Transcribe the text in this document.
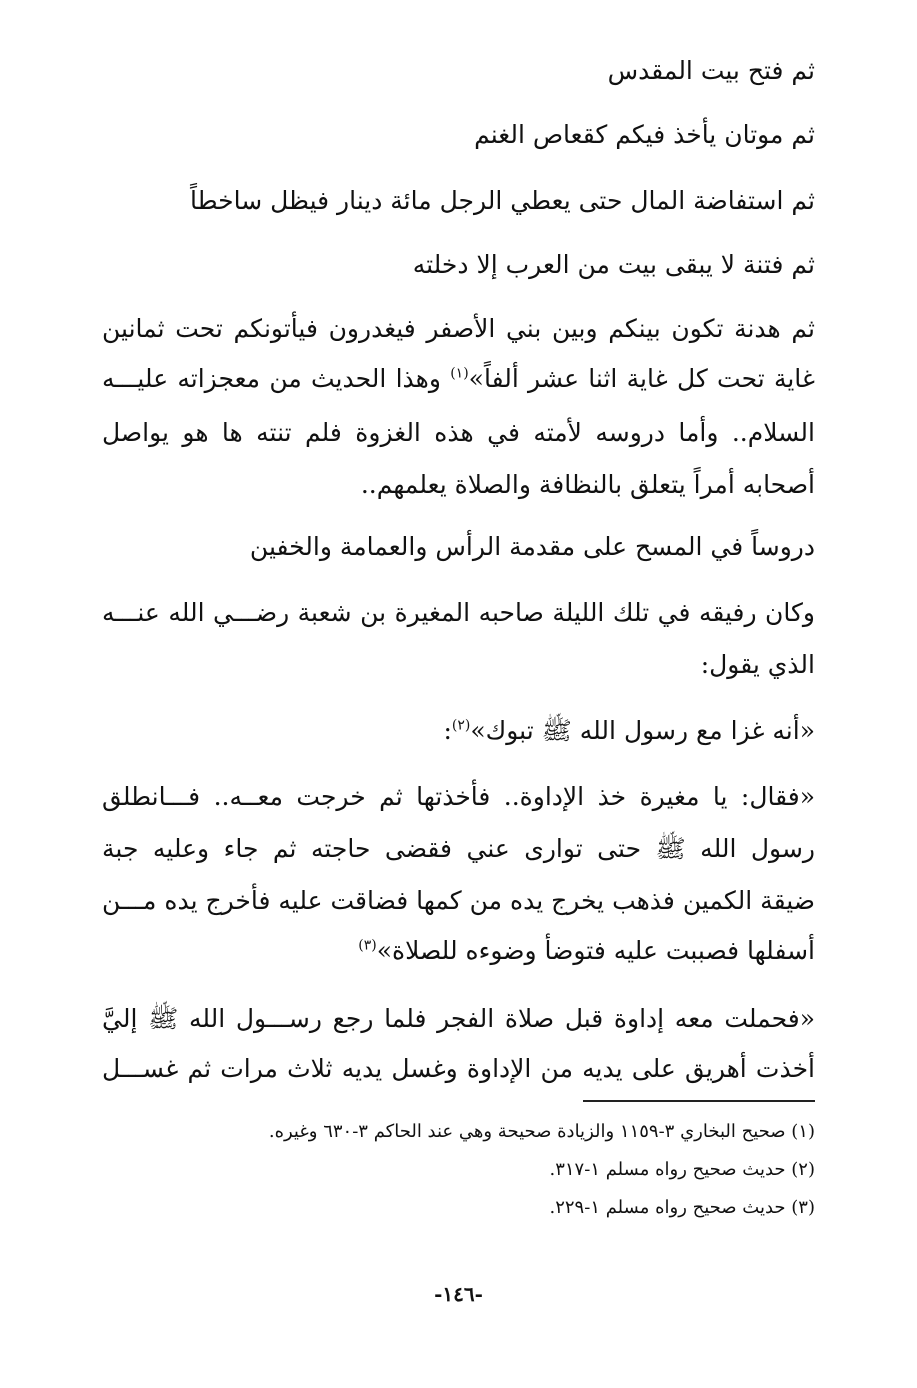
ثم فتح بيت المقدس
ثم موتان يأخذ فيكم كقعاص الغنم
ثم استفاضة المال حتى يعطي الرجل مائة دينار فيظل ساخطاً
ثم فتنة لا يبقى بيت من العرب إلا دخلته
ثم هدنة تكون بينكم وبين بني الأصفر فيغدرون فيأتونكم تحت ثمانين
غاية تحت كل غاية اثنا عشر ألفاً»$^{(١)}$ وهذا الحديث من معجزاته عليـــه
السلام.. وأما دروسه لأمته في هذه الغزوة فلم تنته ها هو يواصل
أصحابه أمراً يتعلق بالنظافة والصلاة يعلمهم..
دروساً في المسح على مقدمة الرأس والعمامة والخفين
وكان رفيقه في تلك الليلة صاحبه المغيرة بن شعبة رضـــي الله عنـــه
الذي يقول:
«أنه غزا مع رسول الله ﷺ تبوك»$^{(٢)}$:
«فقال: يا مغيرة خذ الإداوة.. فأخذتها ثم خرجت معــه.. فـــانطلق
رسول الله ﷺ حتى توارى عني فقضى حاجته ثم جاء وعليه جبة
ضيقة الكمين فذهب يخرج يده من كمها فضاقت عليه فأخرج يده مـــن
أسفلها فصببت عليه فتوضأ وضوءه للصلاة»$^{(٣)}$
«فحملت معه إداوة قبل صلاة الفجر فلما رجع رســـول الله ﷺ إليَّ
أخذت أهريق على يديه من الإداوة وغسل يديه ثلاث مرات ثم غســـل
(١) صحيح البخاري ٣-١١٥٩ والزيادة صحيحة وهي عند الحاكم ٣-٦٣٠ وغيره.
(٢) حديث صحيح رواه مسلم ١-٣١٧.
(٣) حديث صحيح رواه مسلم ١-٢٢٩.
-١٤٦-
